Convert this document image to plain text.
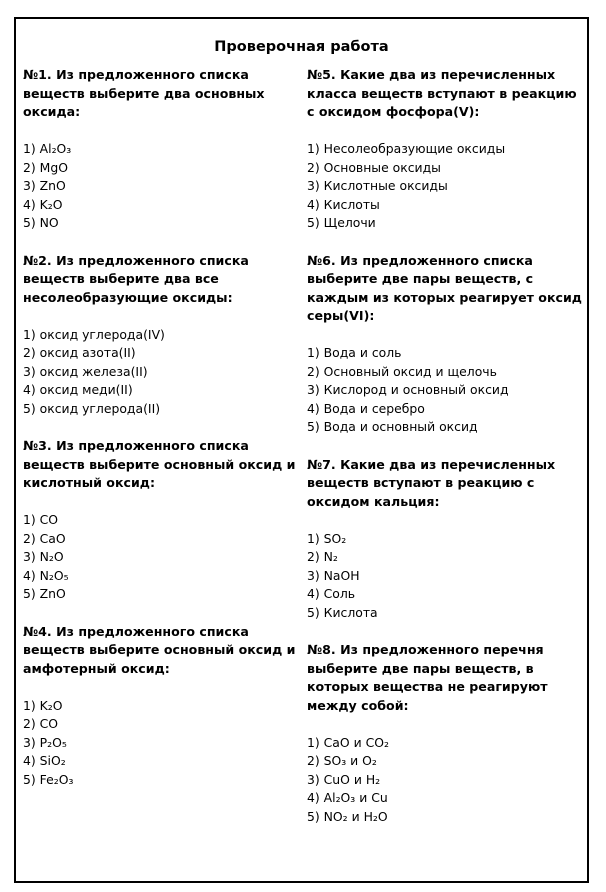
Проверочная работа

№1. Из предложенного списка веществ выберите два основных оксида:

1) Al₂O₃
2) MgO
3) ZnO
4) K₂O
5) NO

№2. Из предложенного списка веществ выберите два все несолеобразующие оксиды:

1) оксид углерода(IV)
2) оксид азота(II)
3) оксид железа(II)
4) оксид меди(II)
5) оксид углерода(II)

№3. Из предложенного списка веществ выберите основный оксид и кислотный оксид:

1) CO
2) CaO
3) N₂O
4) N₂O₅
5) ZnO

№4. Из предложенного списка веществ выберите основный оксид и амфотерный оксид:

1) K₂O
2) CO
3) P₂O₅
4) SiO₂
5) Fe₂O₃

№5. Какие два из перечисленных класса веществ вступают в реакцию с оксидом фосфора(V):

1) Несолеобразующие оксиды
2) Основные оксиды
3) Кислотные оксиды
4) Кислоты
5) Щелочи

№6. Из предложенного списка выберите две пары веществ, с каждым из которых реагирует оксид серы(VI):

1) Вода и соль
2) Основный оксид и щелочь
3) Кислород и основный оксид
4) Вода и серебро
5) Вода и основный оксид

№7. Какие два из перечисленных веществ вступают в реакцию с оксидом кальция:

1) SO₂
2) N₂
3) NaOH
4) Соль
5) Кислота

№8. Из предложенного перечня выберите две пары веществ, в которых вещества не реагируют между собой:

1) CaO и CO₂
2) SO₃ и O₂
3) CuO и H₂
4) Al₂O₃ и Cu
5) NO₂ и H₂O
